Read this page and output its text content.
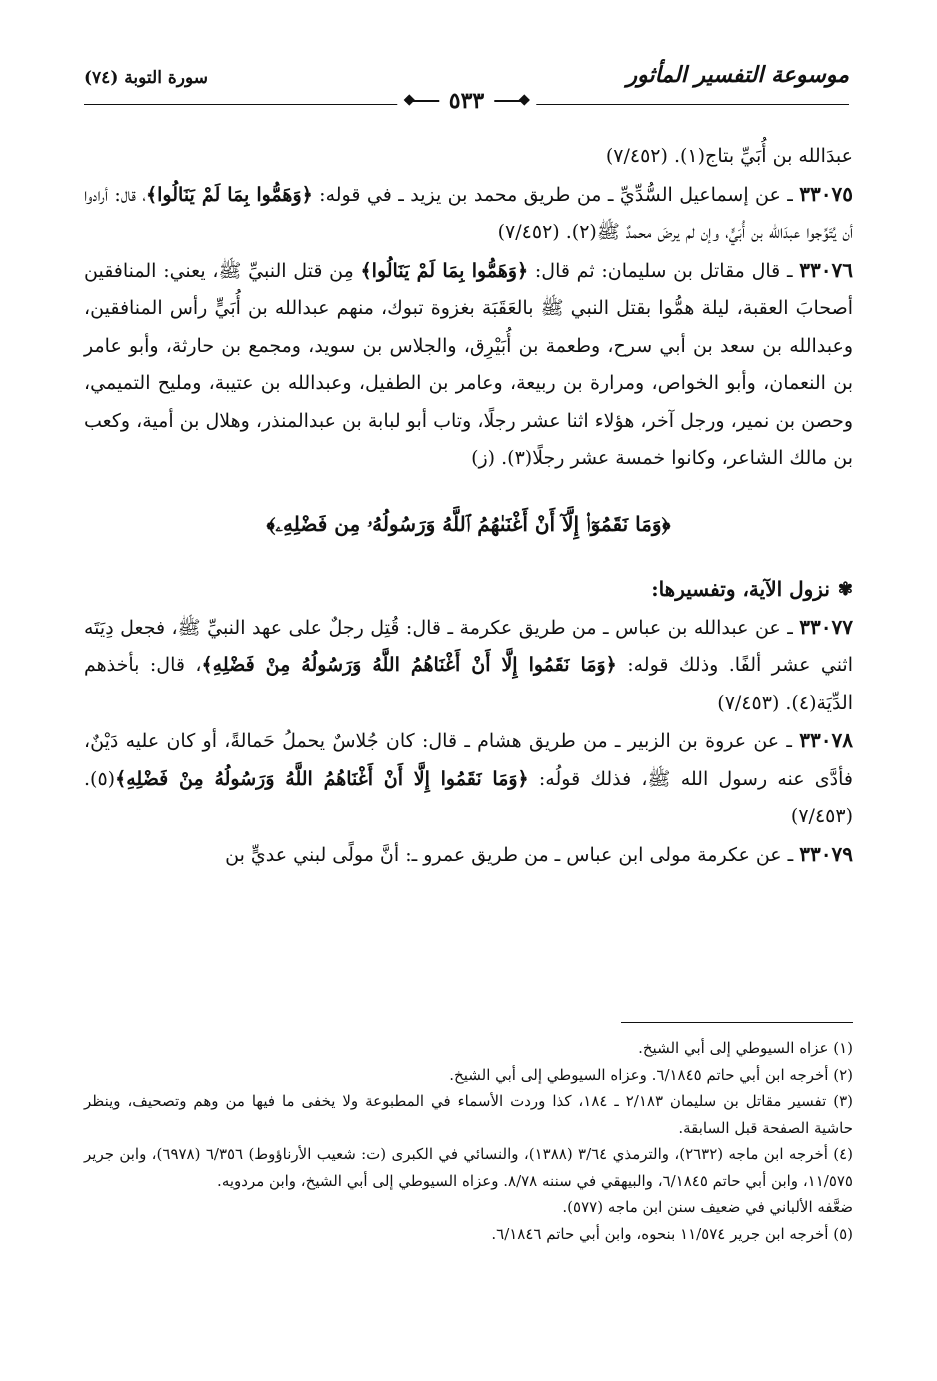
موسوعة التفسير المأثور
سورة التوبة (٧٤)
٥٣٣

عبدَالله بن أُبَيِّ بتاج(١). (٧/٤٥٢)

٣٣٠٧٥ ـ عن إسماعيل السُّدِّيِّ ـ من طريق محمد بن يزيد ـ في قوله: ﴿وَهَمُّوا بِمَا لَمْ يَنَالُوا﴾، قال: أرادوا أن يُتَوِّجوا عبدَالله بن أُبَيٍّ، وإن لم يرضَ محمدٌ ﷺ(٢). (٧/٤٥٢)

٣٣٠٧٦ ـ قال مقاتل بن سليمان: ثم قال: ﴿وَهَمُّوا بِمَا لَمْ يَنَالُوا﴾ مِن قتل النبيِّ ﷺ، يعني: المنافقين أصحابَ العقبة، ليلة همُّوا بقتل النبي ﷺ بالعَقَبَة بغزوة تبوك، منهم عبدالله بن أُبَيٍّ رأس المنافقين، وعبدالله بن سعد بن أبي سرح، وطعمة بن أُبَيْرِق، والجلاس بن سويد، ومجمع بن حارثة، وأبو عامر بن النعمان، وأبو الخواص، ومرارة بن ربيعة، وعامر بن الطفيل، وعبدالله بن عتيبة، ومليح التميمي، وحصن بن نمير، ورجل آخر، هؤلاء اثنا عشر رجلًا، وتاب أبو لبابة بن عبدالمنذر، وهلال بن أمية، وكعب بن مالك الشاعر، وكانوا خمسة عشر رجلًا(٣). (ز)

﴿وَمَا نَقَمُوٓا۟ إِلَّآ أَنْ أَغْنَىٰهُمُ ٱللَّهُ وَرَسُولُهُۥ مِن فَضْلِهِۦ﴾

✾
نزول الآية، وتفسيرها:

٣٣٠٧٧ ـ عن عبدالله بن عباس ـ من طريق عكرمة ـ قال: قُتِل رجلٌ على عهد النبيِّ ﷺ، فجعل دِيَتَه اثني عشر ألفًا. وذلك قوله: ﴿وَمَا نَقَمُوا إِلَّا أَنْ أَغْنَاهُمُ اللَّهُ وَرَسُولُهُ مِنْ فَضْلِهِ﴾، قال: بأخذهم الدِّيَة(٤). (٧/٤٥٣)

٣٣٠٧٨ ـ عن عروة بن الزبير ـ من طريق هشام ـ قال: كان جُلاسٌ يحملُ حَمالةً، أو كان عليه دَيْنٌ، فأدَّى عنه رسول الله ﷺ، فذلك قولُه: ﴿وَمَا نَقَمُوا إِلَّا أَنْ أَغْنَاهُمُ اللَّهُ وَرَسُولُهُ مِنْ فَضْلِهِ﴾(٥). (٧/٤٥٣)

٣٣٠٧٩ ـ عن عكرمة مولى ابن عباس ـ من طريق عمرو ـ: أنَّ مولًى لبني عديٍّ بن

(١) عزاه السيوطي إلى أبي الشيخ.

(٢) أخرجه ابن أبي حاتم ٦/١٨٤٥. وعزاه السيوطي إلى أبي الشيخ.

(٣) تفسير مقاتل بن سليمان ٢/١٨٣ ـ ١٨٤، كذا وردت الأسماء في المطبوعة ولا يخفى ما فيها من وهم وتصحيف، وينظر حاشية الصفحة قبل السابقة.

(٤) أخرجه ابن ماجه (٢٦٣٢)، والترمذي ٣/٦٤ (١٣٨٨)، والنسائي في الكبرى (ت: شعيب الأرناؤوط) ٦/٣٥٦ (٦٩٧٨)، وابن جرير ١١/٥٧٥، وابن أبي حاتم ٦/١٨٤٥، والبيهقي في سننه ٨/٧٨. وعزاه السيوطي إلى أبي الشيخ، وابن مردويه.

ضعَّفه الألباني في ضعيف سنن ابن ماجه (٥٧٧).

(٥) أخرجه ابن جرير ١١/٥٧٤ بنحوه، وابن أبي حاتم ٦/١٨٤٦.
